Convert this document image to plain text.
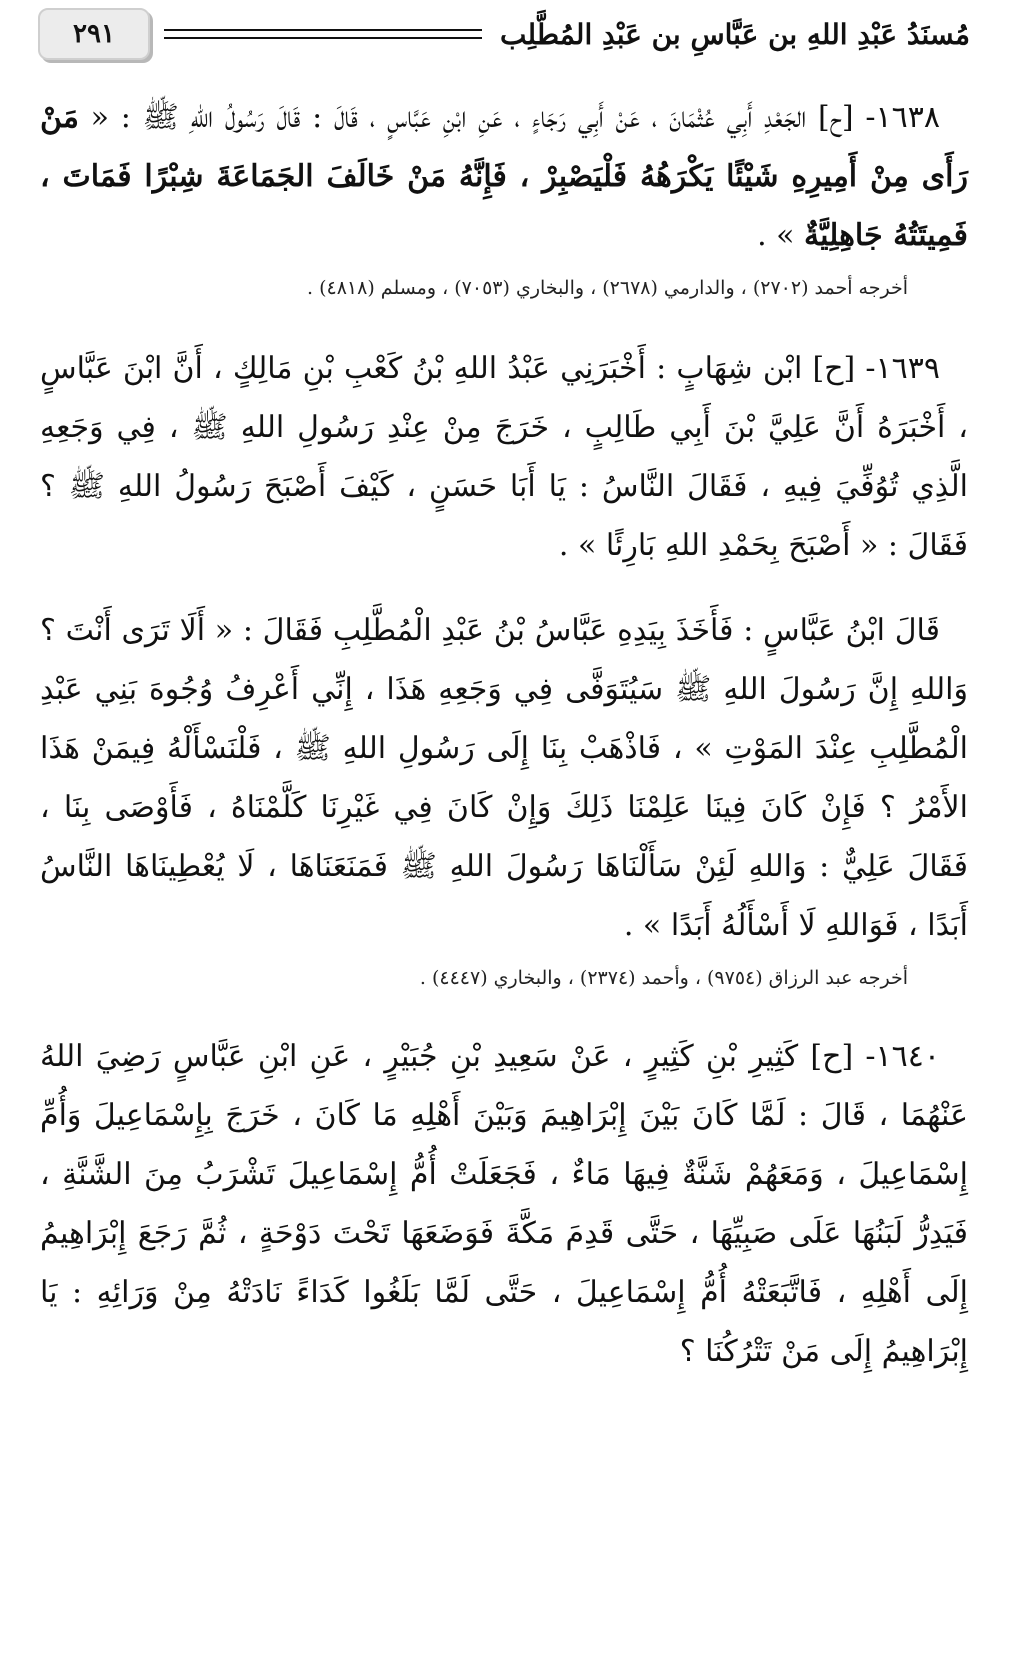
مُسنَدُ عَبْدِ اللهِ بن عَبَّاسِ بن عَبْدِ المُطَّلِب
٢٩١

١٦٣٨- [ح] الجَعْدِ أَبِي عُثْمَانَ ، عَنْ أَبِي رَجَاءٍ ، عَنِ ابْنِ عَبَّاسٍ ، قَالَ : قَالَ رَسُولُ اللهِ ﷺ : « مَنْ رَأَى مِنْ أَمِيرِهِ شَيْئًا يَكْرَهُهُ فَلْيَصْبِرْ ، فَإِنَّهُ مَنْ خَالَفَ الجَمَاعَةَ شِبْرًا فَمَاتَ ، فَمِيتَتُهُ جَاهِلِيَّةٌ » .

أخرجه أحمد (٢٧٠٢) ، والدارمي (٢٦٧٨) ، والبخاري (٧٠٥٣) ، ومسلم (٤٨١٨) .

١٦٣٩- [ح] ابْن شِهَابٍ : أَخْبَرَنِي عَبْدُ اللهِ بْنُ كَعْبِ بْنِ مَالِكٍ ، أَنَّ ابْنَ عَبَّاسٍ ، أَخْبَرَهُ أَنَّ عَلِيَّ بْنَ أَبِي طَالِبٍ ، خَرَجَ مِنْ عِنْدِ رَسُولِ اللهِ ﷺ ، فِي وَجَعِهِ الَّذِي تُوُفِّيَ فِيهِ ، فَقَالَ النَّاسُ : يَا أَبَا حَسَنٍ ، كَيْفَ أَصْبَحَ رَسُولُ اللهِ ﷺ ؟ فَقَالَ : « أَصْبَحَ بِحَمْدِ اللهِ بَارِئًا » .

قَالَ ابْنُ عَبَّاسٍ : فَأَخَذَ بِيَدِهِ عَبَّاسُ بْنُ عَبْدِ الْمُطَّلِبِ فَقَالَ : « أَلَا تَرَى أَنْتَ ؟ وَاللهِ إِنَّ رَسُولَ اللهِ ﷺ سَيُتَوَفَّى فِي وَجَعِهِ هَذَا ، إِنِّي أَعْرِفُ وُجُوهَ بَنِي عَبْدِ الْمُطَّلِبِ عِنْدَ المَوْتِ » ، فَاذْهَبْ بِنَا إِلَى رَسُولِ اللهِ ﷺ ، فَلْنَسْأَلْهُ فِيمَنْ هَذَا الأَمْرُ ؟ فَإِنْ كَانَ فِينَا عَلِمْنَا ذَلِكَ وَإِنْ كَانَ فِي غَيْرِنَا كَلَّمْنَاهُ ، فَأَوْصَى بِنَا ، فَقَالَ عَلِيٌّ : وَاللهِ لَئِنْ سَأَلْنَاهَا رَسُولَ اللهِ ﷺ فَمَنَعَنَاهَا ، لَا يُعْطِينَاهَا النَّاسُ أَبَدًا ، فَوَاللهِ لَا أَسْأَلُهُ أَبَدًا » .

أخرجه عبد الرزاق (٩٧٥٤) ، وأحمد (٢٣٧٤) ، والبخاري (٤٤٤٧) .

١٦٤٠- [ح] كَثِيرِ بْنِ كَثِيرٍ ، عَنْ سَعِيدِ بْنِ جُبَيْرٍ ، عَنِ ابْنِ عَبَّاسٍ رَضِيَ اللهُ عَنْهُمَا ، قَالَ : لَمَّا كَانَ بَيْنَ إِبْرَاهِيمَ وَبَيْنَ أَهْلِهِ مَا كَانَ ، خَرَجَ بِإِسْمَاعِيلَ وَأُمِّ إِسْمَاعِيلَ ، وَمَعَهُمْ شَنَّةٌ فِيهَا مَاءٌ ، فَجَعَلَتْ أُمُّ إِسْمَاعِيلَ تَشْرَبُ مِنَ الشَّنَّةِ ، فَيَدِرُّ لَبَنُهَا عَلَى صَبِيِّهَا ، حَتَّى قَدِمَ مَكَّةَ فَوَضَعَهَا تَحْتَ دَوْحَةٍ ، ثُمَّ رَجَعَ إِبْرَاهِيمُ إِلَى أَهْلِهِ ، فَاتَّبَعَتْهُ أُمُّ إِسْمَاعِيلَ ، حَتَّى لَمَّا بَلَغُوا كَدَاءً نَادَتْهُ مِنْ وَرَائِهِ : يَا إِبْرَاهِيمُ إِلَى مَنْ تَتْرُكُنَا ؟
